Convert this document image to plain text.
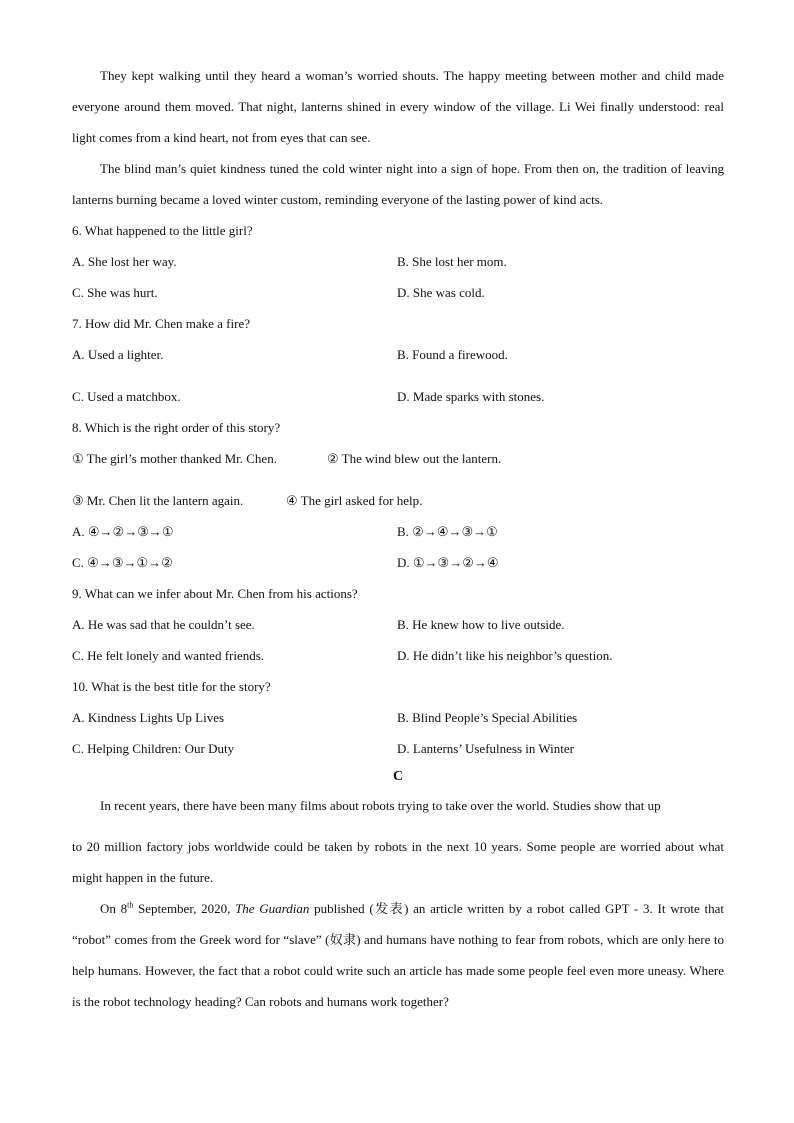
They kept walking until they heard a woman’s worried shouts. The happy meeting between mother and child made everyone around them moved. That night, lanterns shined in every window of the village. Li Wei finally understood: real light comes from a kind heart, not from eyes that can see.

The blind man’s quiet kindness tuned the cold winter night into a sign of hope. From then on, the tradition of leaving lanterns burning became a loved winter custom, reminding everyone of the lasting power of kind acts.

6. What happened to the little girl?
A. She lost her way.	B. She lost her mom.
C. She was hurt.	D. She was cold.
7. How did Mr. Chen make a fire?
A. Used a lighter.	B. Found a firewood.
C. Used a matchbox.	D. Made sparks with stones.
8. Which is the right order of this story?
① The girl’s mother thanked Mr. Chen.	② The wind blew out the lantern.
③ Mr. Chen lit the lantern again.	④ The girl asked for help.
A. ④→②→③→①	B. ②→④→③→①
C. ④→③→①→②	D. ①→③→②→④
9. What can we infer about Mr. Chen from his actions?
A. He was sad that he couldn’t see.	B. He knew how to live outside.
C. He felt lonely and wanted friends.	D. He didn’t like his neighbor’s question.
10. What is the best title for the story?
A. Kindness Lights Up Lives	B. Blind People’s Special Abilities
C. Helping Children: Our Duty	D. Lanterns’ Usefulness in Winter
C

In recent years, there have been many films about robots trying to take over the world. Studies show that up

to 20 million factory jobs worldwide could be taken by robots in the next 10 years. Some people are worried about what might happen in the future.

On 8th September, 2020, The Guardian published (发表) an article written by a robot called GPT - 3. It wrote that “robot” comes from the Greek word for “slave” (奴隶) and humans have nothing to fear from robots, which are only here to help humans. However, the fact that a robot could write such an article has made some people feel even more uneasy. Where is the robot technology heading? Can robots and humans work together?
